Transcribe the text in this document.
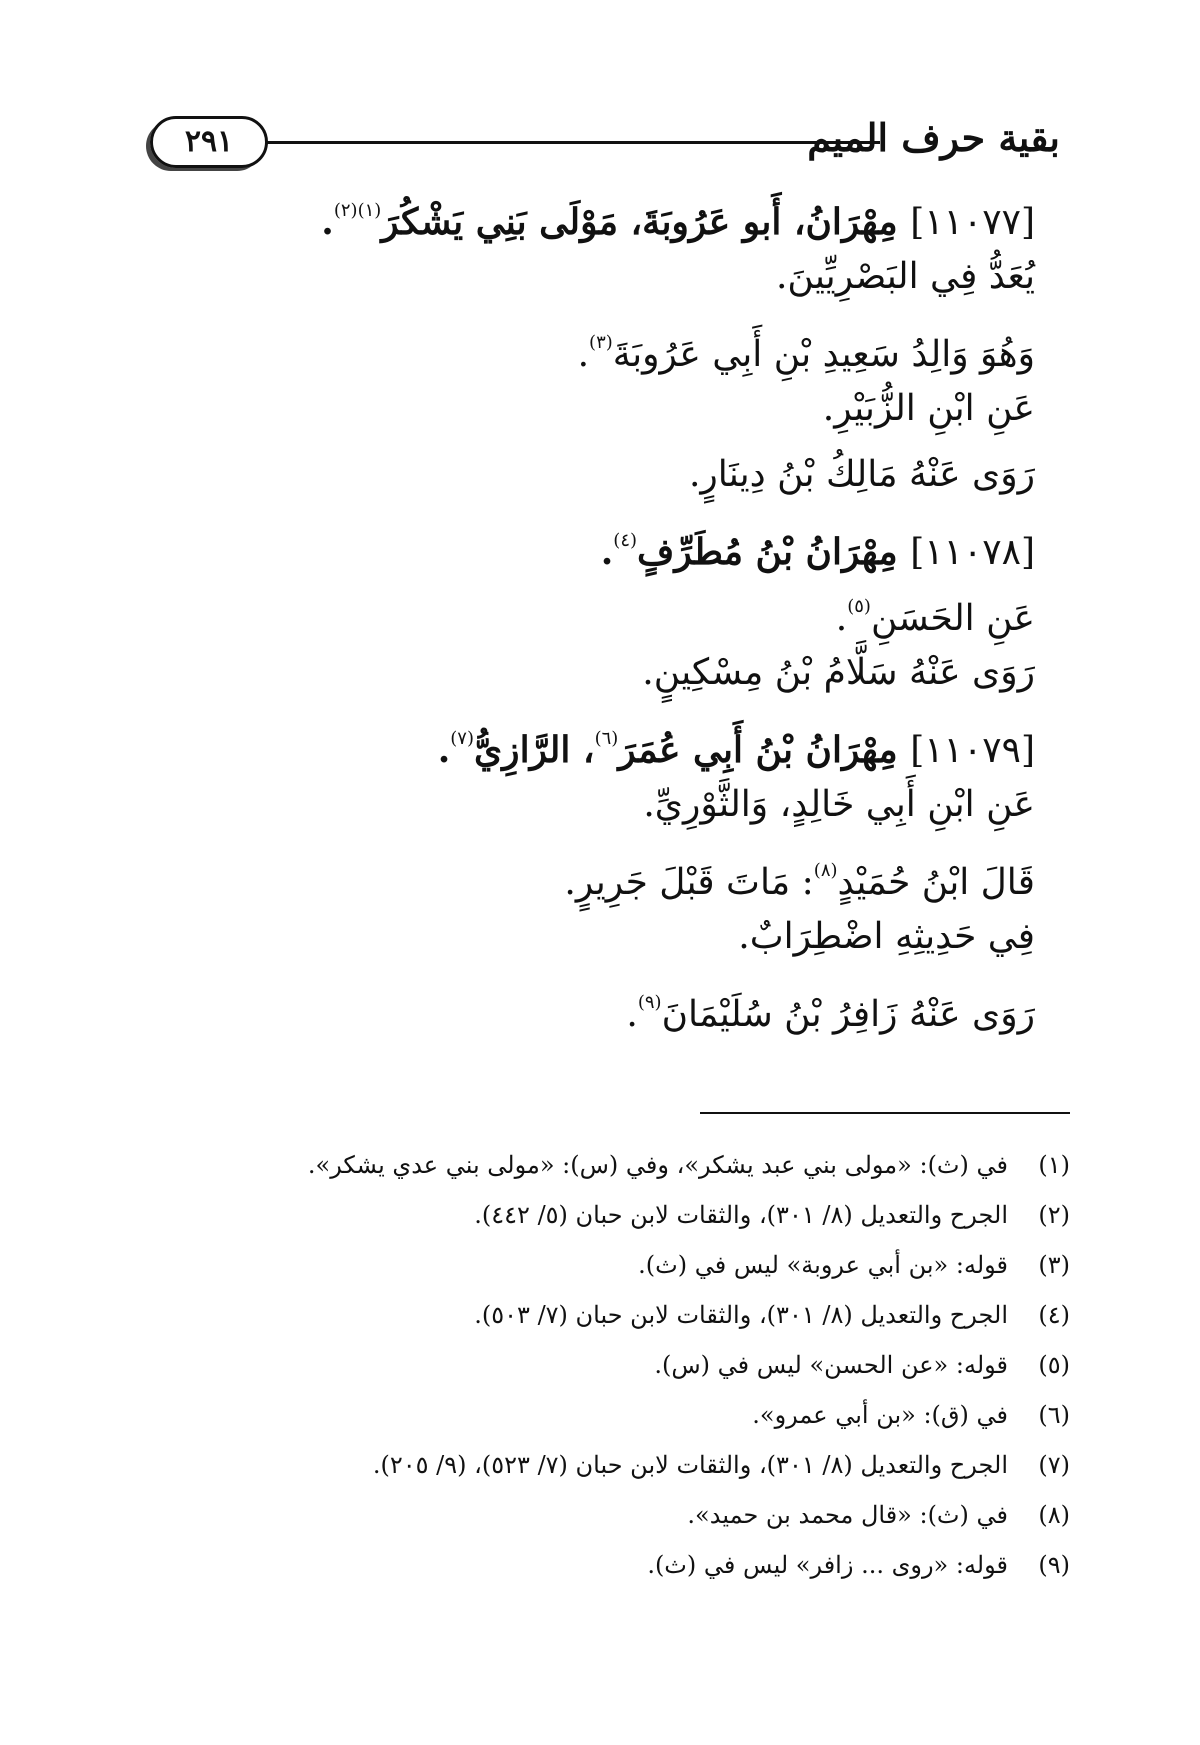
بقية حرف الميم
٢٩١
[١١٠٧٧] مِهْرَانُ، أَبو عَرُوبَةَ، مَوْلَى بَنِي يَشْكُرَ$^{(١)(٢)}$.
يُعَدُّ فِي البَصْرِيِّينَ.
وَهُوَ وَالِدُ سَعِيدِ بْنِ أَبِي عَرُوبَةَ$^{(٣)}$.
عَنِ ابْنِ الزُّبَيْرِ.
رَوَى عَنْهُ مَالِكُ بْنُ دِينَارٍ.
[١١٠٧٨] مِهْرَانُ بْنُ مُطَرِّفٍ$^{(٤)}$.
عَنِ الحَسَنِ$^{(٥)}$.
رَوَى عَنْهُ سَلَّامُ بْنُ مِسْكِينٍ.
[١١٠٧٩] مِهْرَانُ بْنُ أَبِي عُمَرَ$^{(٦)}$، الرَّازِيُّ$^{(٧)}$.
عَنِ ابْنِ أَبِي خَالِدٍ، وَالثَّوْرِيِّ.
قَالَ ابْنُ حُمَيْدٍ$^{(٨)}$: مَاتَ قَبْلَ جَرِيرٍ.
فِي حَدِيثِهِ اضْطِرَابٌ.
رَوَى عَنْهُ زَافِرُ بْنُ سُلَيْمَانَ$^{(٩)}$.
(١)في (ث): «مولى بني عبد يشكر»، وفي (س): «مولى بني عدي يشكر».
(٢)الجرح والتعديل (٨/ ٣٠١)، والثقات لابن حبان (٥/ ٤٤٢).
(٣)قوله: «بن أبي عروبة» ليس في (ث).
(٤)الجرح والتعديل (٨/ ٣٠١)، والثقات لابن حبان (٧/ ٥٠٣).
(٥)قوله: «عن الحسن» ليس في (س).
(٦)في (ق): «بن أبي عمرو».
(٧)الجرح والتعديل (٨/ ٣٠١)، والثقات لابن حبان (٧/ ٥٢٣)، (٩/ ٢٠٥).
(٨)في (ث): «قال محمد بن حميد».
(٩)قوله: «روى ... زافر» ليس في (ث).
